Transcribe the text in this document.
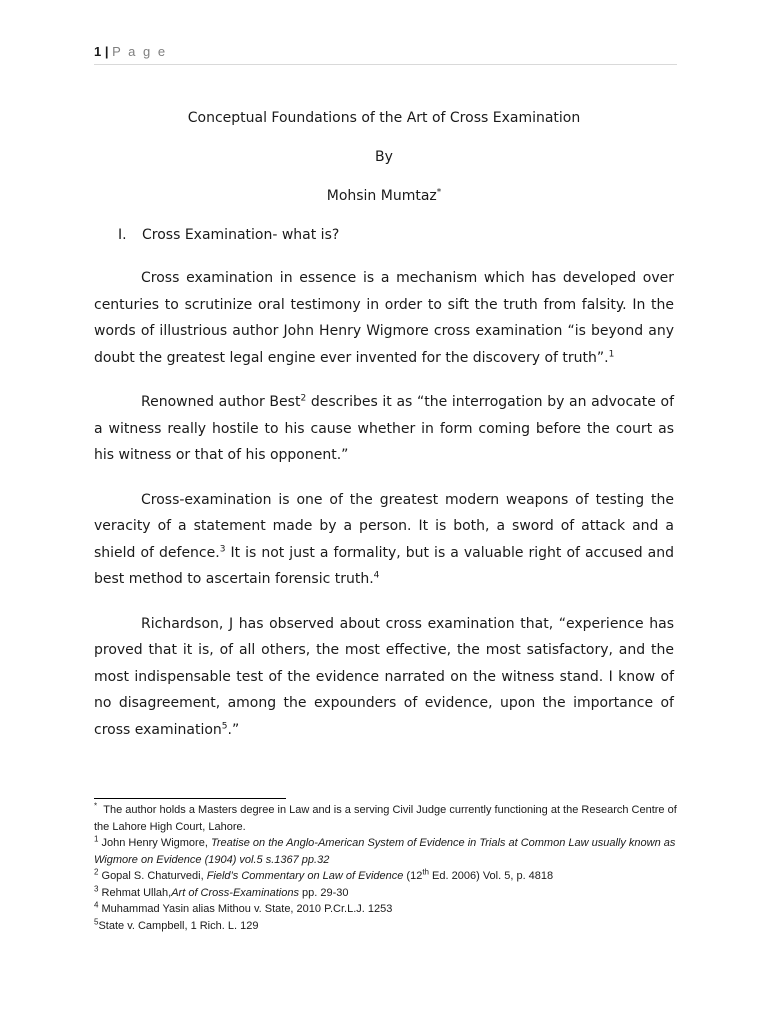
1 | P a g e

Conceptual Foundations of the Art of Cross Examination

By

Mohsin Mumtaz*

I. Cross Examination- what is?

Cross examination in essence is a mechanism which has developed over centuries to scrutinize oral testimony in order to sift the truth from falsity. In the words of illustrious author John Henry Wigmore cross examination “is beyond any doubt the greatest legal engine ever invented for the discovery of truth”.$^1$

Renowned author Best$^2$ describes it as “the interrogation by an advocate of a witness really hostile to his cause whether in form coming before the court as his witness or that of his opponent.”

Cross-examination is one of the greatest modern weapons of testing the veracity of a statement made by a person. It is both, a sword of attack and a shield of defence.$^3$ It is not just a formality, but is a valuable right of accused and best method to ascertain forensic truth.$^4$

Richardson, J has observed about cross examination that, “experience has proved that it is, of all others, the most effective, the most satisfactory, and the most indispensable test of the evidence narrated on the witness stand. I know of no disagreement, among the expounders of evidence, upon the importance of cross examination$^5$.”

* The author holds a Masters degree in Law and is a serving Civil Judge currently functioning at the Research Centre of the Lahore High Court, Lahore.

$^1$ John Henry Wigmore, Treatise on the Anglo-American System of Evidence in Trials at Common Law usually known as Wigmore on Evidence (1904) vol.5 s.1367 pp.32

$^2$ Gopal S. Chaturvedi, Field’s Commentary on Law of Evidence (12th Ed. 2006) Vol. 5, p. 4818

$^3$ Rehmat Ullah,Art of Cross-Examinations pp. 29-30

$^4$ Muhammad Yasin alias Mithou v. State, 2010 P.Cr.L.J. 1253

$^5$State v. Campbell, 1 Rich. L. 129
